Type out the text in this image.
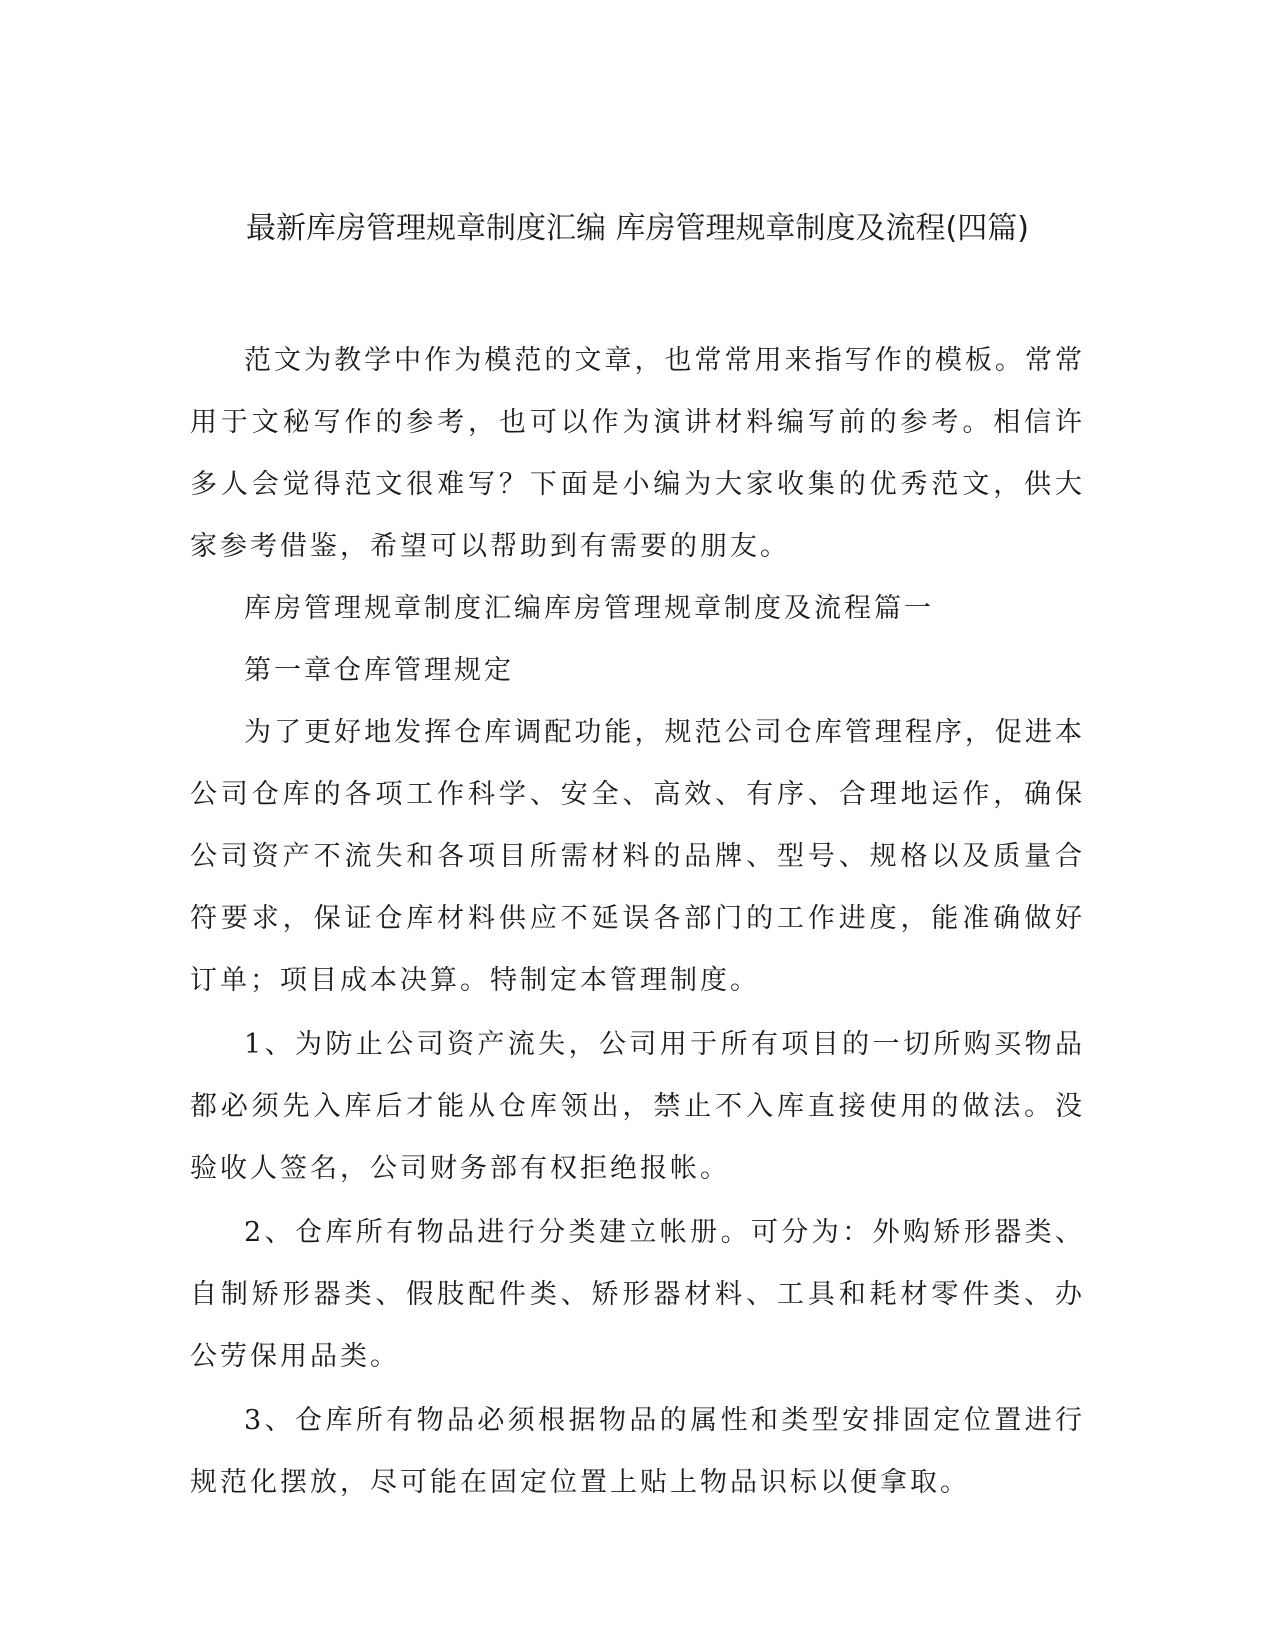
最新库房管理规章制度汇编 库房管理规章制度及流程(四篇)

范文为教学中作为模范的文章，也常常用来指写作的模板。常常用于文秘写作的参考，也可以作为演讲材料编写前的参考。相信许多人会觉得范文很难写？下面是小编为大家收集的优秀范文，供大家参考借鉴，希望可以帮助到有需要的朋友。

库房管理规章制度汇编库房管理规章制度及流程篇一

第一章仓库管理规定

为了更好地发挥仓库调配功能，规范公司仓库管理程序，促进本公司仓库的各项工作科学、安全、高效、有序、合理地运作，确保公司资产不流失和各项目所需材料的品牌、型号、规格以及质量合符要求，保证仓库材料供应不延误各部门的工作进度，能准确做好订单；项目成本决算。特制定本管理制度。

1、为防止公司资产流失，公司用于所有项目的一切所购买物品都必须先入库后才能从仓库领出，禁止不入库直接使用的做法。没验收人签名，公司财务部有权拒绝报帐。

2、仓库所有物品进行分类建立帐册。可分为：外购矫形器类、自制矫形器类、假肢配件类、矫形器材料、工具和耗材零件类、办公劳保用品类。

3、仓库所有物品必须根据物品的属性和类型安排固定位置进行规范化摆放，尽可能在固定位置上贴上物品识标以便拿取。
